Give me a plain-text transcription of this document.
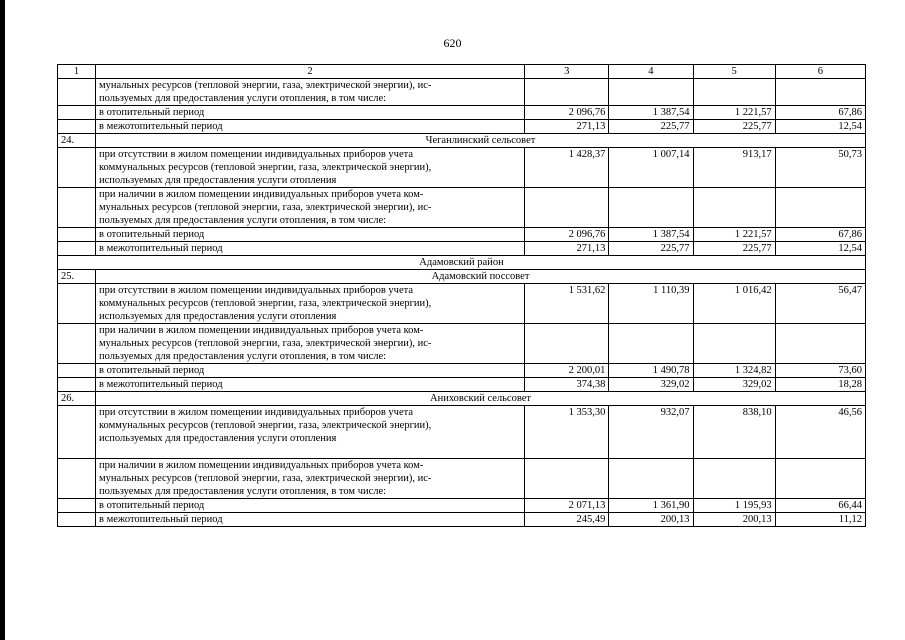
620
1	2	3	4	5	6

	мунальных ресурсов (тепловой энергии, газа, электрической энергии), ис-
пользуемых для предоставления услуги отопления, в том числе:				

	в отопительный период	2 096,76	1 387,54	1 221,57	67,86

	в межотопительный период	271,13	225,77	225,77	12,54
24.	Чеганлинский сельсовет				

	при отсутствии в жилом помещении индивидуальных приборов учета
коммунальных ресурсов (тепловой энергии, газа, электрической энергии),
используемых для предоставления услуги отопления	1 428,37	1 007,14	913,17	50,73

	при наличии в жилом помещении индивидуальных приборов учета ком-
мунальных ресурсов (тепловой энергии, газа, электрической энергии), ис-
пользуемых для предоставления услуги отопления, в том числе:				

	в отопительный период	2 096,76	1 387,54	1 221,57	67,86

	в межотопительный период	271,13	225,77	225,77	12,54
Адамовский район					
25.	Адамовский поссовет				

	при отсутствии в жилом помещении индивидуальных приборов учета
коммунальных ресурсов (тепловой энергии, газа, электрической энергии),
используемых для предоставления услуги отопления	1 531,62	1 110,39	1 016,42	56,47

	при наличии в жилом помещении индивидуальных приборов учета ком-
мунальных ресурсов (тепловой энергии, газа, электрической энергии), ис-
пользуемых для предоставления услуги отопления, в том числе:				

	в отопительный период	2 200,01	1 490,78	1 324,82	73,60

	в межотопительный период	374,38	329,02	329,02	18,28
26.	Аниховский сельсовет				

	при отсутствии в жилом помещении индивидуальных приборов учета
коммунальных ресурсов (тепловой энергии, газа, электрической энергии),
используемых для предоставления услуги отопления	1 353,30	932,07	838,10	46,56

	при наличии в жилом помещении индивидуальных приборов учета ком-
мунальных ресурсов (тепловой энергии, газа, электрической энергии), ис-
пользуемых для предоставления услуги отопления, в том числе:				

	в отопительный период	2 071,13	1 361,90	1 195,93	66,44

	в межотопительный период	245,49	200,13	200,13	11,12
